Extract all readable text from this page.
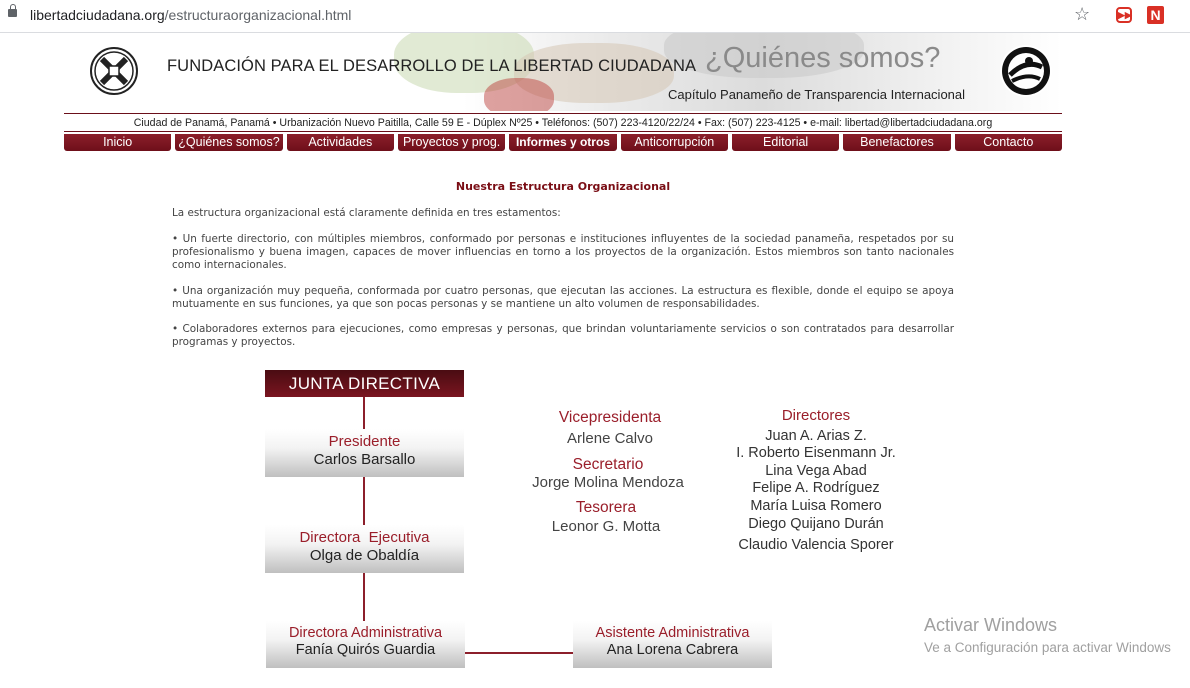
libertadciudadana.org/estructuraorganizacional.html	☆	▶▶ N
FUNDACIÓN PARA EL DESARROLLO DE LA LIBERTAD CIUDADANA ¿Quiénes somos?
Capítulo Panameño de Transparencia Internacional
Ciudad de Panamá, Panamá • Urbanización Nuevo Paitilla, Calle 59 E - Dúplex Nº25 • Teléfonos: (507) 223-4120/22/24 • Fax: (507) 223-4125 • e-mail: libertad@libertadciudadana.org
Inicio	¿Quiénes somos?	Actividades	Proyectos y prog.	Informes y otros	Anticorrupción	Editorial	Benefactores	Contacto
Nuestra Estructura Organizacional
La estructura organizacional está claramente definida en tres estamentos:
• Un fuerte directorio, con múltiples miembros, conformado por personas e instituciones influyentes de la sociedad panameña, respetados por su profesionalismo y buena imagen, capaces de mover influencias en torno a los proyectos de la organización. Estos miembros son tanto nacionales como internacionales.
• Una organización muy pequeña, conformada por cuatro personas, que ejecutan las acciones. La estructura es flexible, donde el equipo se apoya mutuamente en sus funciones, ya que son pocas personas y se mantiene un alto volumen de responsabilidades.
• Colaboradores externos para ejecuciones, como empresas y personas, que brindan voluntariamente servicios o son contratados para desarrollar programas y proyectos.
JUNTA DIRECTIVA
Presidente
Carlos Barsallo
Directora  Ejecutiva
Olga de Obaldía
Directora Administrativa
Fanía Quirós Guardia
Asistente Administrativa
Ana Lorena Cabrera
Vicepresidenta
Arlene Calvo
Secretario
Jorge Molina Mendoza
Tesorera
Leonor G. Motta
Directores
Juan A. Arias Z.
I. Roberto Eisenmann Jr.
Lina Vega Abad
Felipe A. Rodríguez
María Luisa Romero
Diego Quijano Durán
Claudio Valencia Sporer
Activar Windows
Ve a Configuración para activar Windows
